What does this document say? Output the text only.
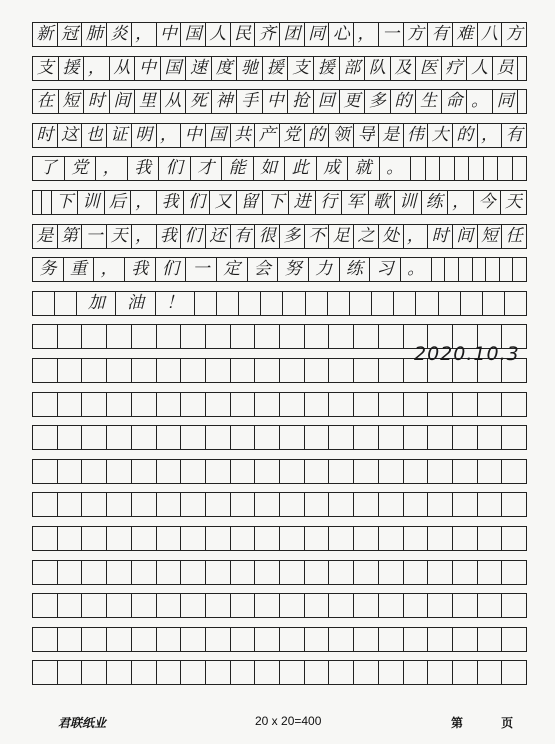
新 冠 肺 炎 ， 中 国 人 民 齐 团 同 心 ， 一 方 有 难 八 方
支 援 ， 从 中 国 速 度 驰 援 支 援 部 队 及 医 疗 人 员
在 短 时 间 里 从 死 神 手 中 抢 回 更 多 的 生 命 。 同
时 这 也 证 明 ， 中 国 共 产 党 的 领 导 是 伟 大 的 ， 有
了 党 ， 我 们 才 能 如 此 成 就 。
下 训 后 ， 我 们 又 留 下 进 行 军 歌 训 练 ， 今 天
是 第 一 天 ， 我 们 还 有 很 多 不 足 之 处 ， 时 间 短 任
务 重 ， 我 们 一 定 会 努 力 练 习 。
加	油	！
2020.10.3
君联纸业	20 x 20=400	第 页
